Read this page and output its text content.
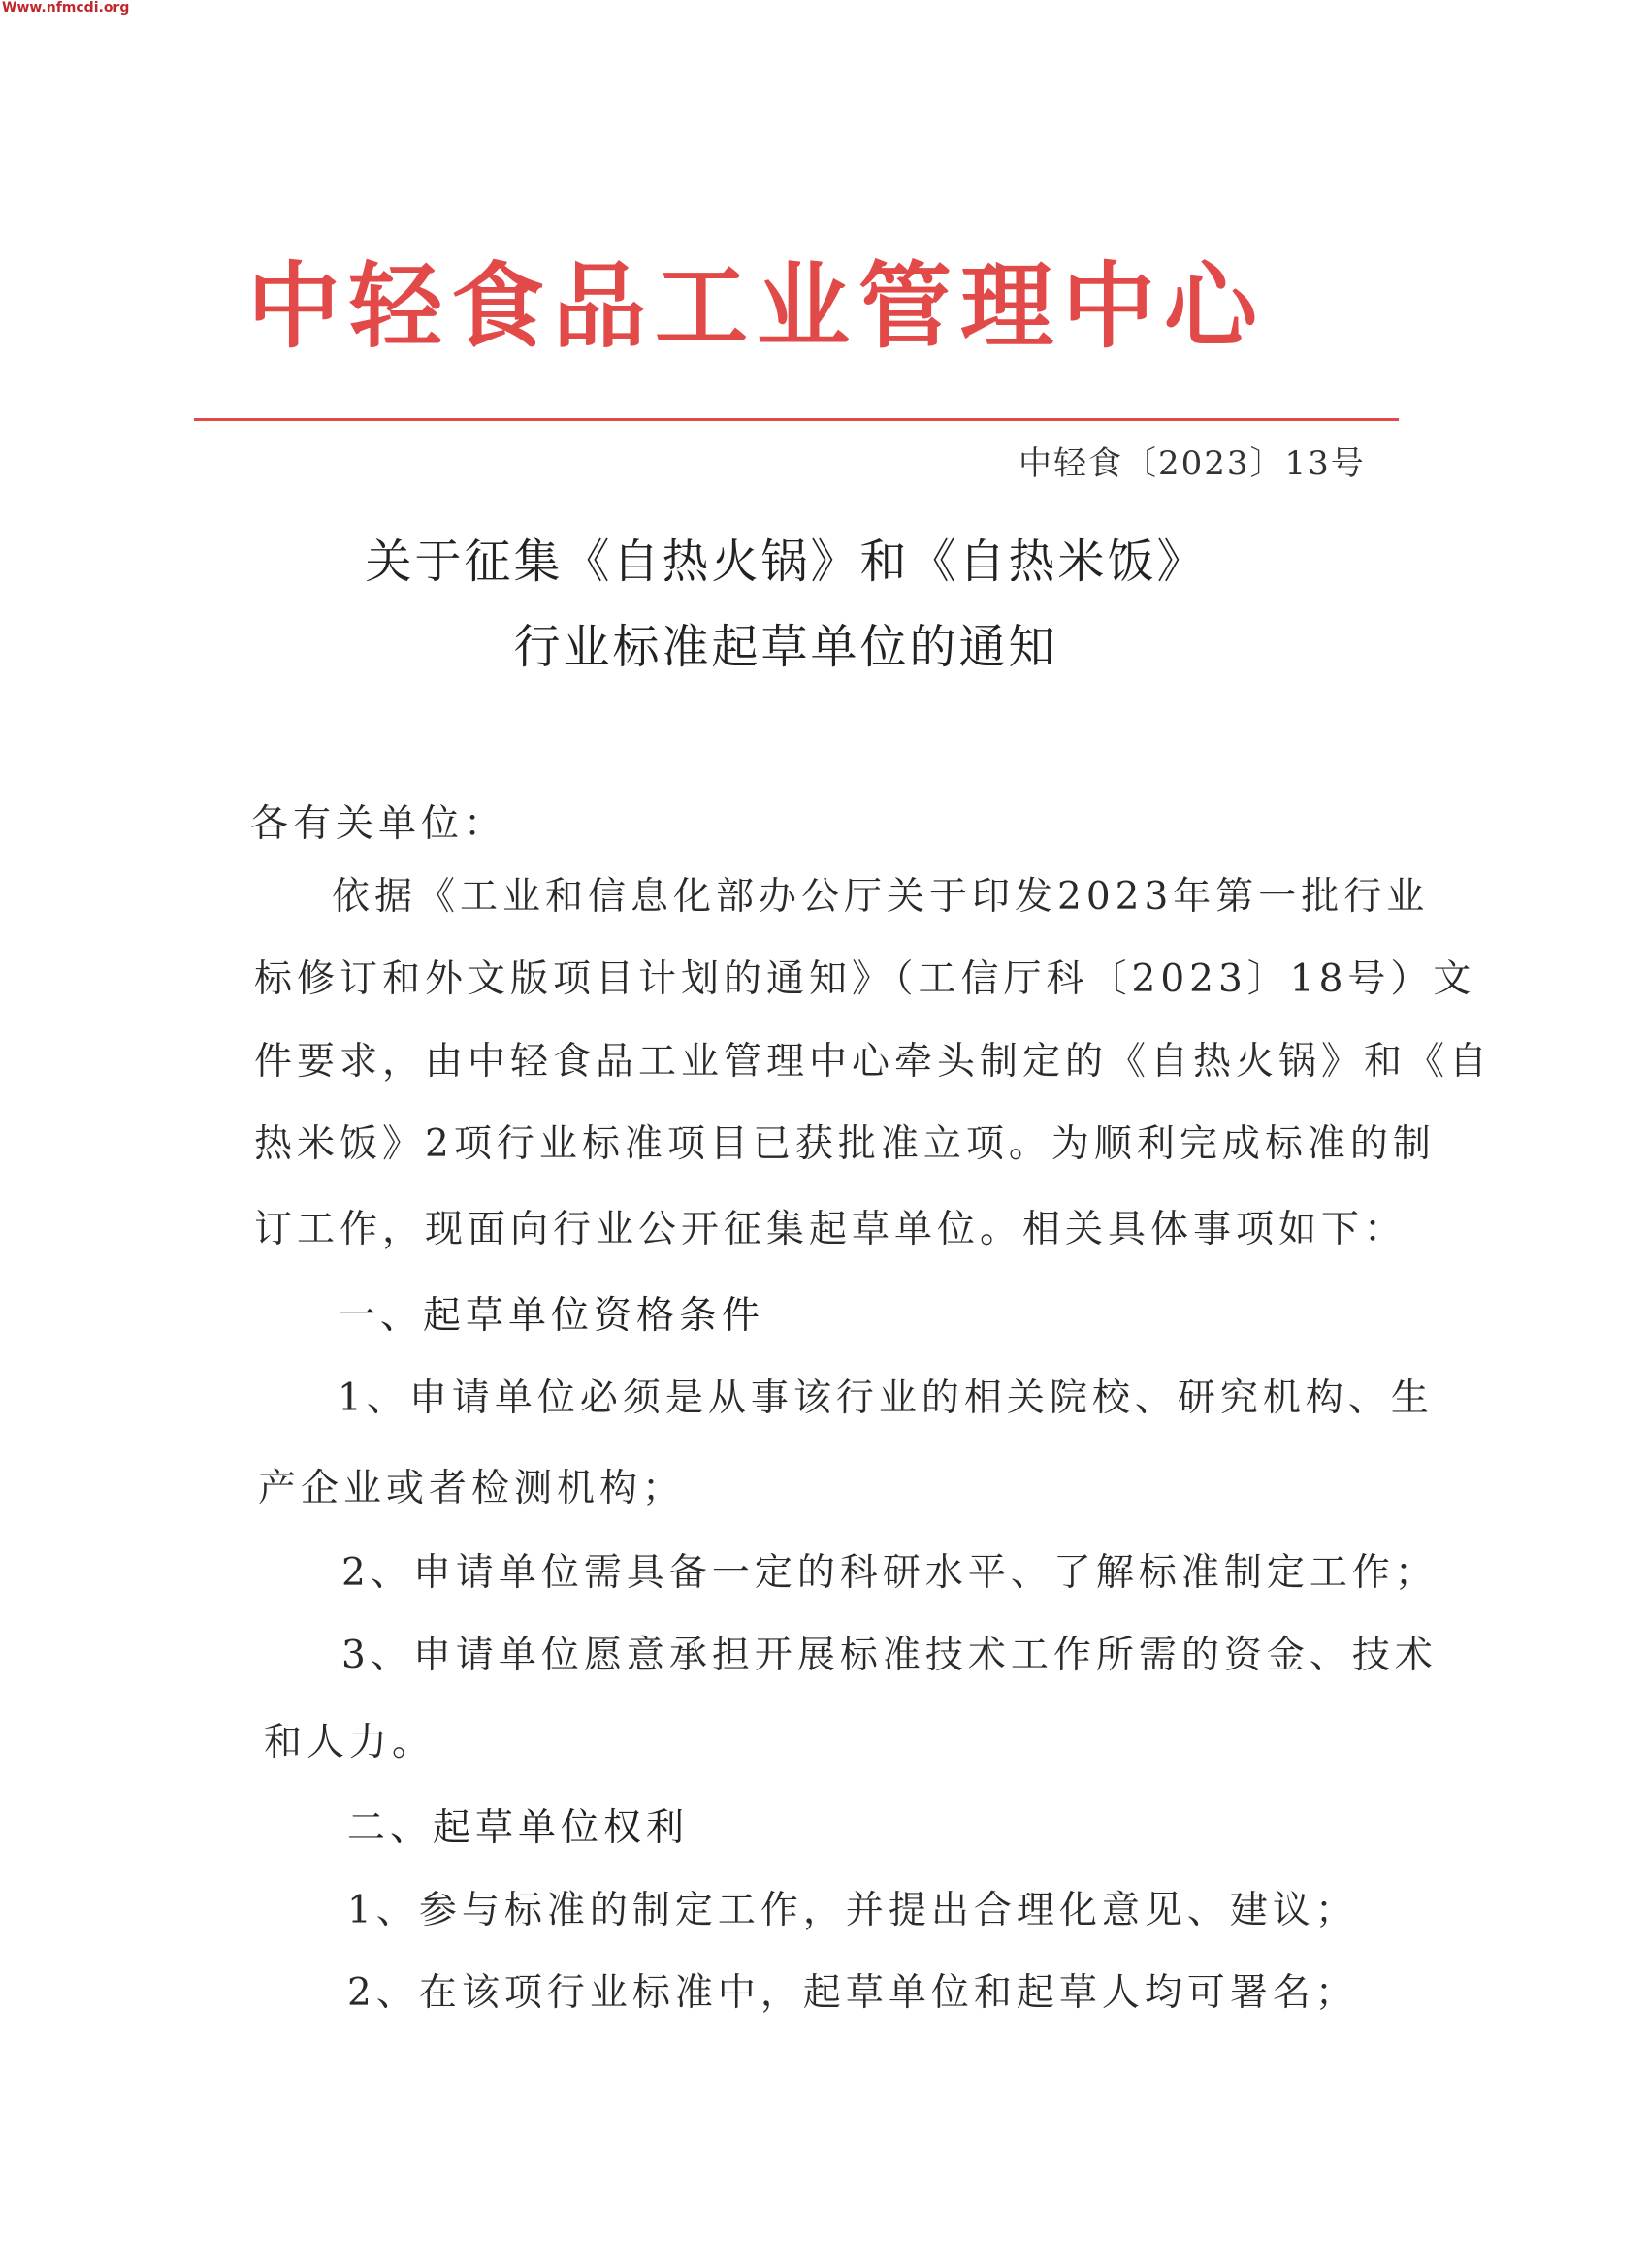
Www.nfmcdi.org
中轻食品工业管理中心
中轻食〔2023〕13号
关于征集《自热火锅》和《自热米饭》
行业标准起草单位的通知
各有关单位：
依据《工业和信息化部办公厅关于印发2023年第一批行业
标修订和外文版项目计划的通知》（工信厅科〔2023〕18号）文
件要求，由中轻食品工业管理中心牵头制定的《自热火锅》和《自
热米饭》2项行业标准项目已获批准立项。为顺利完成标准的制
订工作，现面向行业公开征集起草单位。相关具体事项如下：
一、起草单位资格条件
1、申请单位必须是从事该行业的相关院校、研究机构、生
产企业或者检测机构；
2、申请单位需具备一定的科研水平、了解标准制定工作；
3、申请单位愿意承担开展标准技术工作所需的资金、技术
和人力。
二、起草单位权利
1、参与标准的制定工作，并提出合理化意见、建议；
2、在该项行业标准中，起草单位和起草人均可署名；
